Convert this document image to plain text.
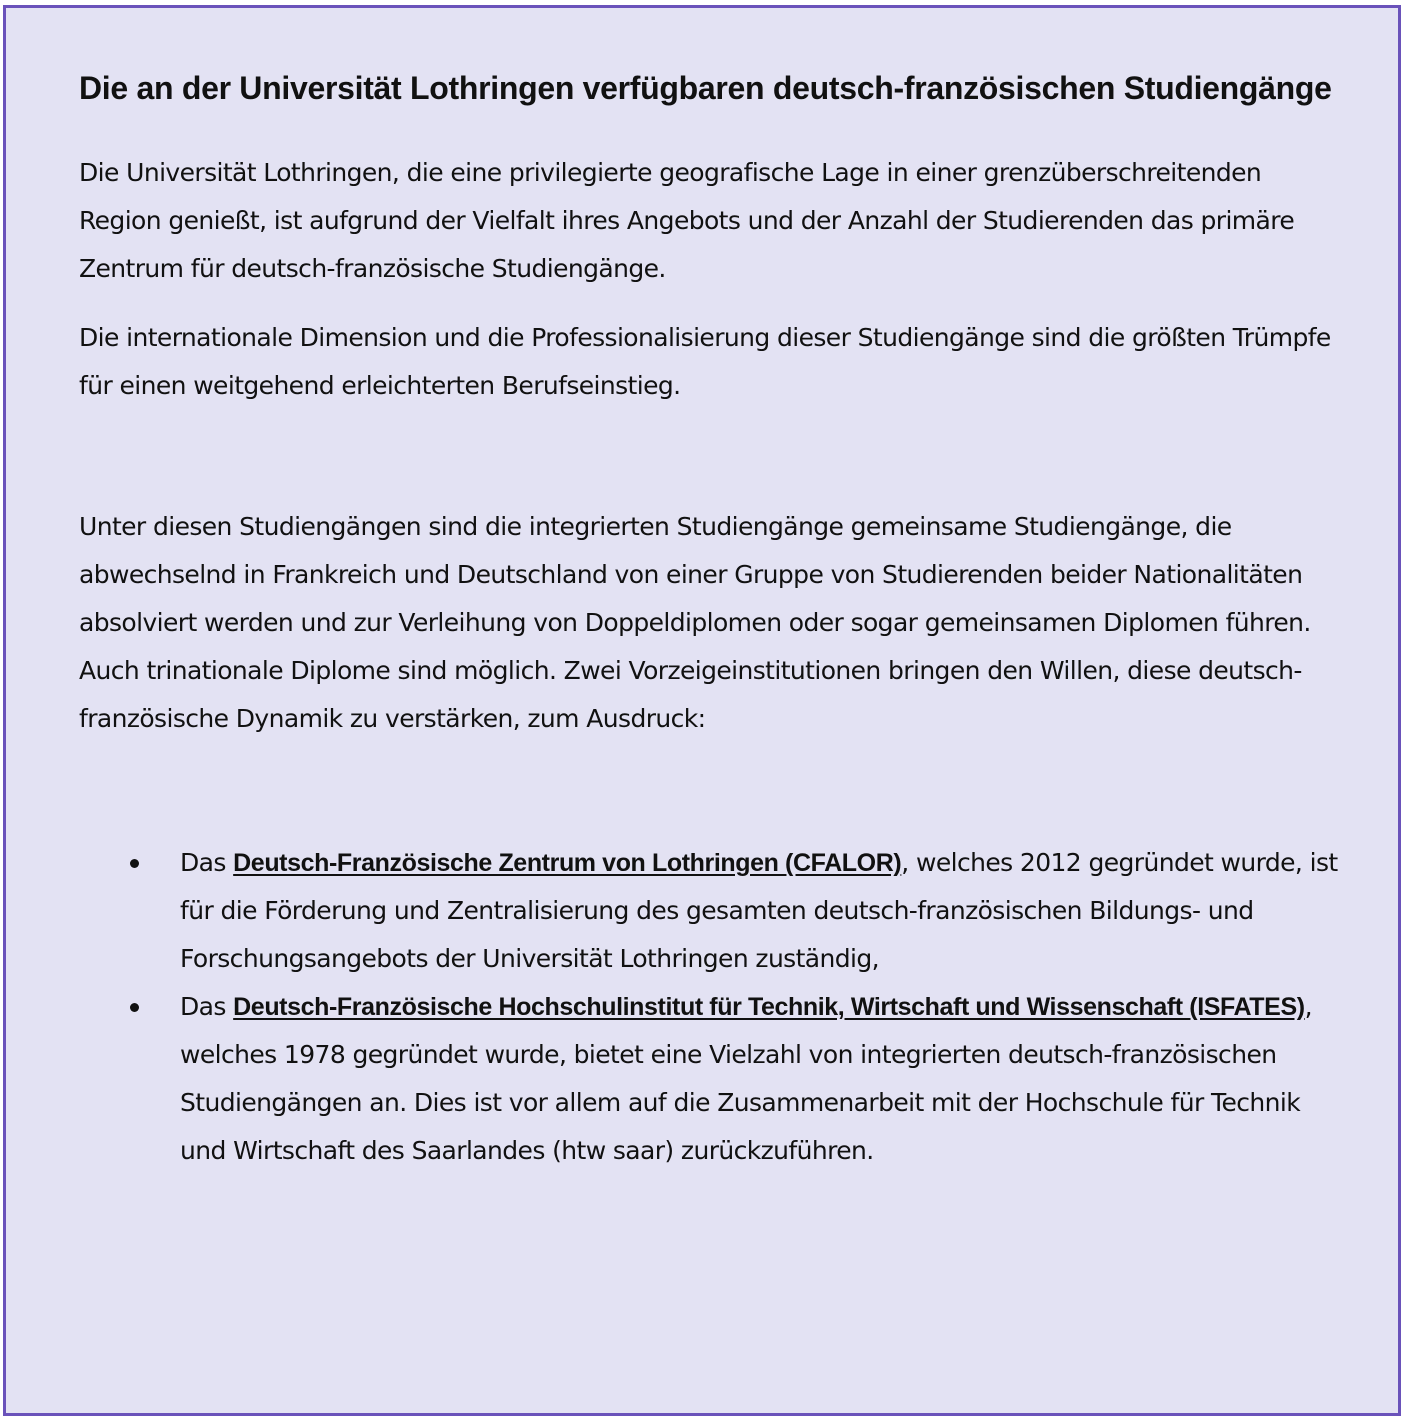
Die an der Universität Lothringen verfügbaren deutsch-französischen Studiengänge

Die Universität Lothringen, die eine privilegierte geografische Lage in einer grenzüberschreitenden Region genießt, ist aufgrund der Vielfalt ihres Angebots und der Anzahl der Studierenden das primäre Zentrum für deutsch-französische Studiengänge.

Die internationale Dimension und die Professionalisierung dieser Studiengänge sind die größten Trümpfe für einen weitgehend erleichterten Berufseinstieg.

Unter diesen Studiengängen sind die integrierten Studiengänge gemeinsame Studiengänge, die abwechselnd in Frankreich und Deutschland von einer Gruppe von Studierenden beider Nationalitäten absolviert werden und zur Verleihung von Doppeldiplomen oder sogar gemeinsamen Diplomen führen. Auch trinationale Diplome sind möglich. Zwei Vorzeigeinstitutionen bringen den Willen, diese deutsch-französische Dynamik zu verstärken, zum Ausdruck:

Das Deutsch-Französische Zentrum von Lothringen (CFALOR), welches 2012 gegründet wurde, ist für die Förderung und Zentralisierung des gesamten deutsch-französischen Bildungs- und Forschungsangebots der Universität Lothringen zuständig,
Das Deutsch-Französische Hochschulinstitut für Technik, Wirtschaft und Wissenschaft (ISFATES), welches 1978 gegründet wurde, bietet eine Vielzahl von integrierten deutsch-französischen Studiengängen an. Dies ist vor allem auf die Zusammenarbeit mit der Hochschule für Technik und Wirtschaft des Saarlandes (htw saar) zurückzuführen.
